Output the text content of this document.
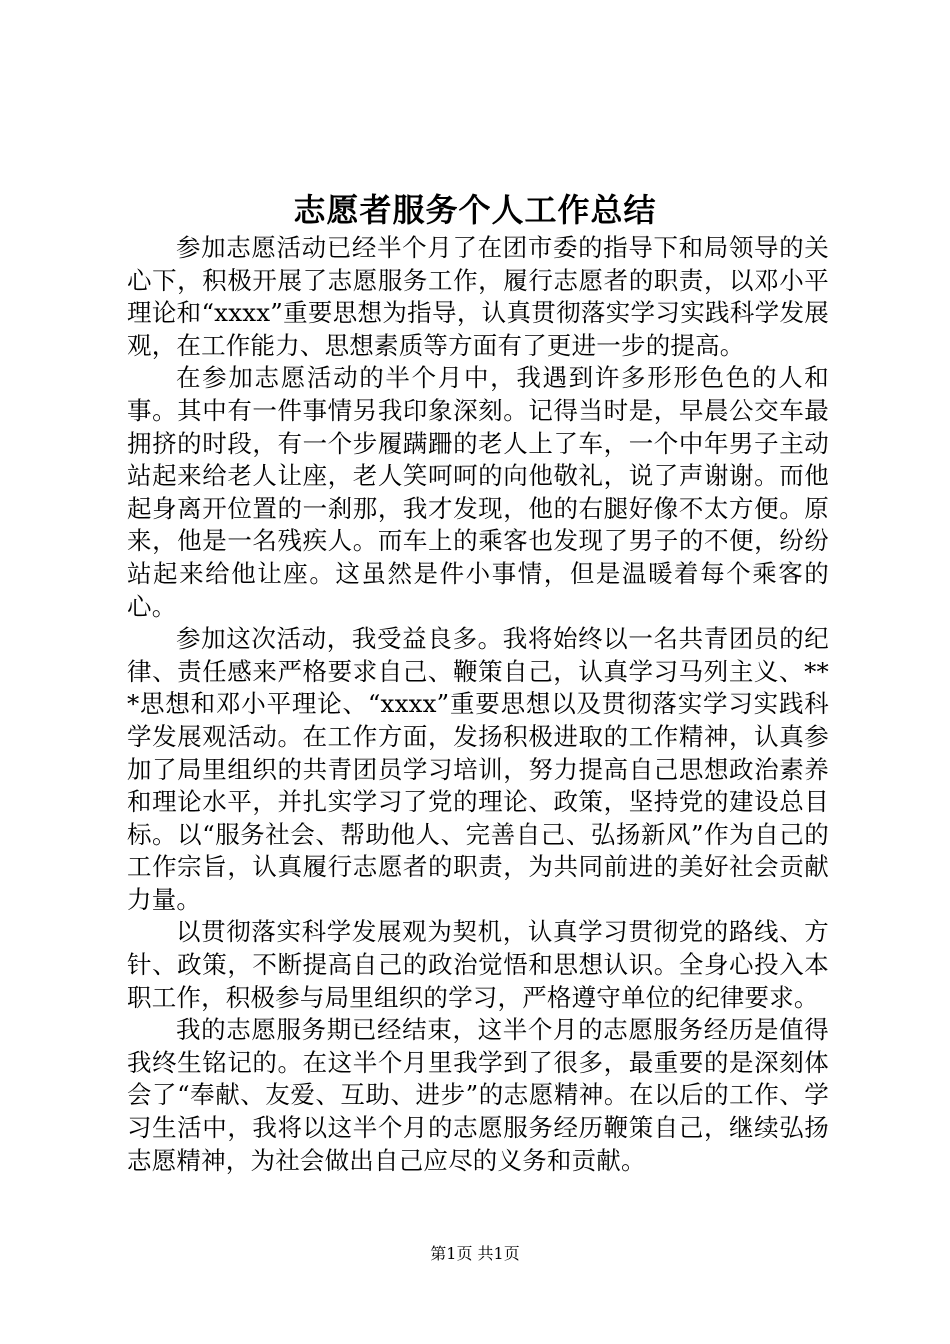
志愿者服务个人工作总结

参加志愿活动已经半个月了在团市委的指导下和局领导的关心下，积极开展了志愿服务工作，履行志愿者的职责，以邓小平理论和“xxxx”重要思想为指导，认真贯彻落实学习实践科学发展观，在工作能力、思想素质等方面有了更进一步的提高。

在参加志愿活动的半个月中，我遇到许多形形色色的人和事。其中有一件事情另我印象深刻。记得当时是，早晨公交车最拥挤的时段，有一个步履蹒跚的老人上了车，一个中年男子主动站起来给老人让座，老人笑呵呵的向他敬礼，说了声谢谢。而他起身离开位置的一刹那，我才发现，他的右腿好像不太方便。原来，他是一名残疾人。而车上的乘客也发现了男子的不便，纷纷站起来给他让座。这虽然是件小事情，但是温暖着每个乘客的心。

参加这次活动，我受益良多。我将始终以一名共青团员的纪律、责任感来严格要求自己、鞭策自己，认真学习马列主义、***思想和邓小平理论、“xxxx”重要思想以及贯彻落实学习实践科学发展观活动。在工作方面，发扬积极进取的工作精神，认真参加了局里组织的共青团员学习培训，努力提高自己思想政治素养和理论水平，并扎实学习了党的理论、政策，坚持党的建设总目标。以“服务社会、帮助他人、完善自己、弘扬新风”作为自己的工作宗旨，认真履行志愿者的职责，为共同前进的美好社会贡献力量。

以贯彻落实科学发展观为契机，认真学习贯彻党的路线、方针、政策，不断提高自己的政治觉悟和思想认识。全身心投入本职工作，积极参与局里组织的学习，严格遵守单位的纪律要求。

我的志愿服务期已经结束，这半个月的志愿服务经历是值得我终生铭记的。在这半个月里我学到了很多，最重要的是深刻体会了“奉献、友爱、互助、进步”的志愿精神。在以后的工作、学习生活中，我将以这半个月的志愿服务经历鞭策自己，继续弘扬志愿精神，为社会做出自己应尽的义务和贡献。

第1页 共1页
